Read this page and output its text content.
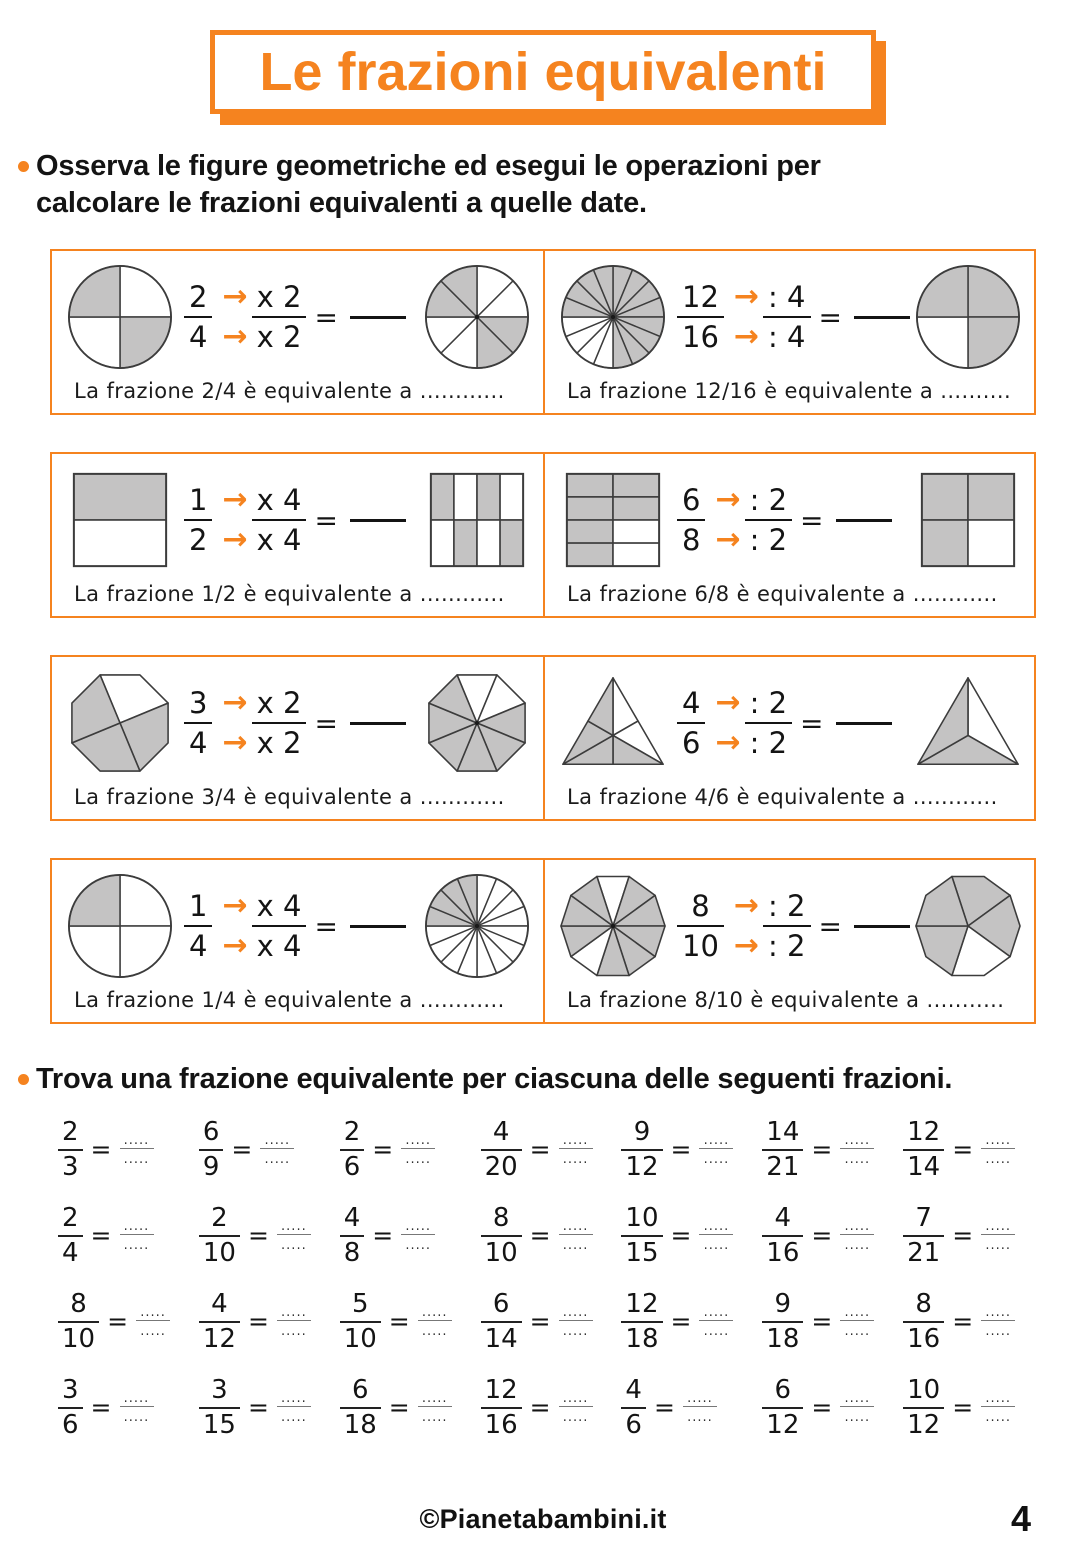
Le frazioni equivalenti
Osserva le figure geometriche ed esegui le operazioni per calcolare le frazioni equivalenti a quelle date.
$\frac{2}{4}$ →
→ $\frac{x 2}{x 2}$ =
La frazione 2/4 è equivalente a ............
$\frac{12}{16}$ →
→ $\frac{: 4}{: 4}$ =
La frazione 12/16 è equivalente a ..........
$\frac{1}{2}$ →
→ $\frac{x 4}{x 4}$ =
La frazione 1/2 è equivalente a ............
$\frac{6}{8}$ →
→ $\frac{: 2}{: 2}$ =
La frazione 6/8 è equivalente a ............
$\frac{3}{4}$ →
→ $\frac{x 2}{x 2}$ =
La frazione 3/4 è equivalente a ............
$\frac{4}{6}$ →
→ $\frac{: 2}{: 2}$ =
La frazione 4/6 è equivalente a ............
$\frac{1}{4}$ →
→ $\frac{x 4}{x 4}$ =
La frazione 1/4 è equivalente a ............
$\frac{8}{10}$ →
→ $\frac{: 2}{: 2}$ =
La frazione 8/10 è equivalente a ...........
Trova una frazione equivalente per ciascuna delle seguenti frazioni.
$\frac{2}{3}$ = .....
..... $\frac{6}{9}$ = .....
..... $\frac{2}{6}$ = .....
..... $\frac{4}{20}$ = .....
..... $\frac{9}{12}$ = .....
..... $\frac{14}{21}$ = .....
..... $\frac{12}{14}$ = .....
.....
$\frac{2}{4}$ = .....
..... $\frac{2}{10}$ = .....
..... $\frac{4}{8}$ = .....
..... $\frac{8}{10}$ = .....
..... $\frac{10}{15}$ = .....
..... $\frac{4}{16}$ = .....
..... $\frac{7}{21}$ = .....
.....
$\frac{8}{10}$ = .....
..... $\frac{4}{12}$ = .....
..... $\frac{5}{10}$ = .....
..... $\frac{6}{14}$ = .....
..... $\frac{12}{18}$ = .....
..... $\frac{9}{18}$ = .....
..... $\frac{8}{16}$ = .....
.....
$\frac{3}{6}$ = .....
..... $\frac{3}{15}$ = .....
..... $\frac{6}{18}$ = .....
..... $\frac{12}{16}$ = .....
..... $\frac{4}{6}$ = .....
..... $\frac{6}{12}$ = .....
..... $\frac{10}{12}$ = .....
.....
©Pianetabambini.it	4
